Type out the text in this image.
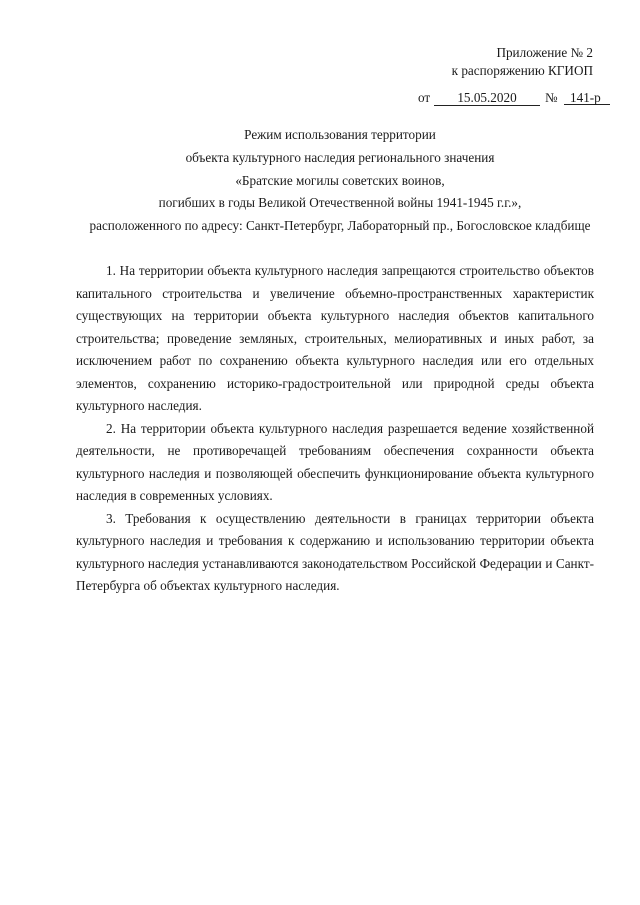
Приложение № 2
к распоряжению КГИОП
от	15.05.2020	№ 141-р
Режим использования территории
объекта культурного наследия регионального значения
«Братские могилы советских воинов,
погибших в годы Великой Отечественной войны 1941-1945 г.г.»,
расположенного по адресу: Санкт-Петербург, Лабораторный пр., Богословское кладбище

1. На территории объекта культурного наследия запрещаются строительство объектов капитального строительства и увеличение объемно-пространственных характеристик существующих на территории объекта культурного наследия объектов капитального строительства; проведение земляных, строительных, мелиоративных и иных работ, за исключением работ по сохранению объекта культурного наследия или его отдельных элементов, сохранению историко-градостроительной или природной среды объекта культурного наследия.

2. На территории объекта культурного наследия разрешается ведение хозяйственной деятельности, не противоречащей требованиям обеспечения сохранности объекта культурного наследия и позволяющей обеспечить функционирование объекта культурного наследия в современных условиях.

3. Требования к осуществлению деятельности в границах территории объекта культурного наследия и требования к содержанию и использованию территории объекта культурного наследия устанавливаются законодательством Российской Федерации и Санкт-Петербурга об объектах культурного наследия.
